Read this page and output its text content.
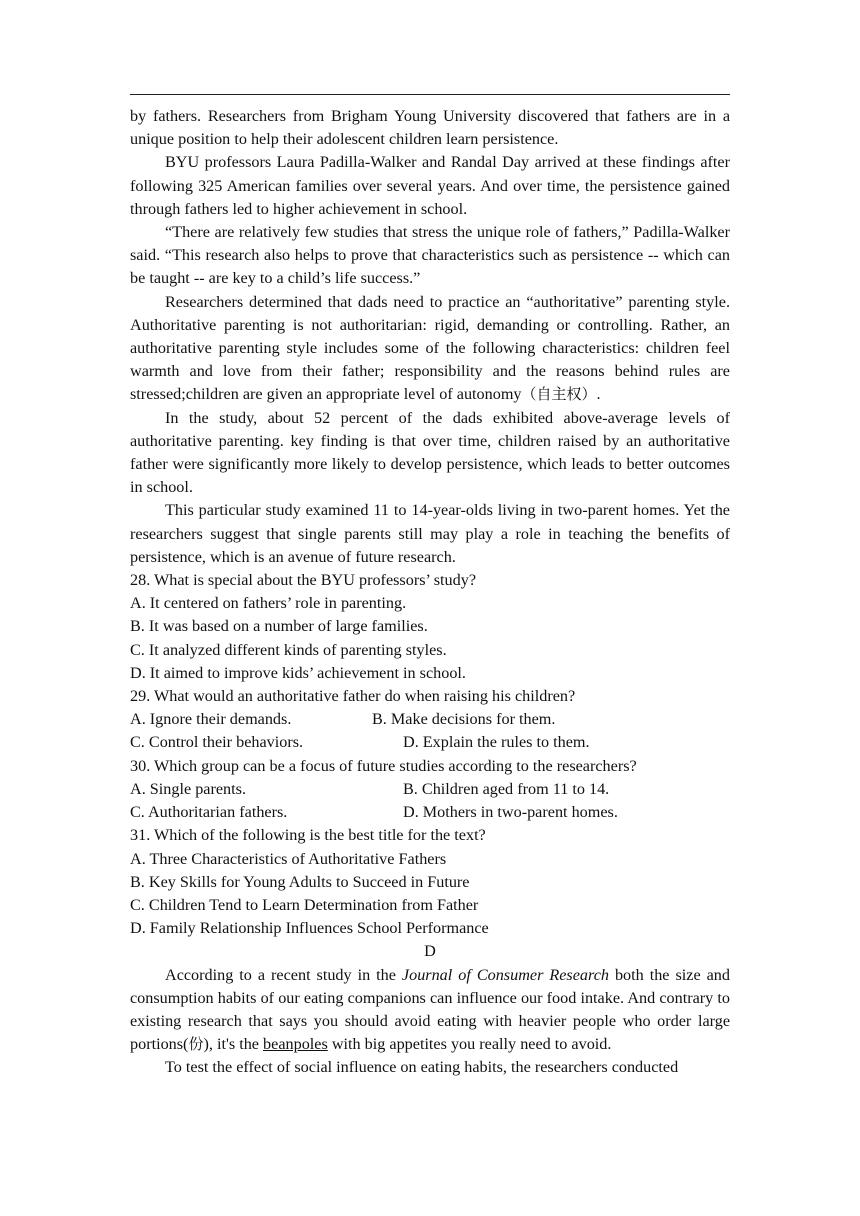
by fathers. Researchers from Brigham Young University discovered that fathers are in a unique position to help their adolescent children learn persistence.

BYU professors Laura Padilla-Walker and Randal Day arrived at these findings after following 325 American families over several years. And over time, the persistence gained through fathers led to higher achievement in school.

“There are relatively few studies that stress the unique role of fathers,” Padilla-Walker said. “This research also helps to prove that characteristics such as persistence -- which can be taught -- are key to a child’s life success.”

Researchers determined that dads need to practice an “authoritative” parenting style. Authoritative parenting is not authoritarian: rigid, demanding or controlling. Rather, an authoritative parenting style includes some of the following characteristics: children feel warmth and love from their father; responsibility and the reasons behind rules are stressed;children are given an appropriate level of autonomy（自主权）.

In the study, about 52 percent of the dads exhibited above-average levels of authoritative parenting. key finding is that over time, children raised by an authoritative father were significantly more likely to develop persistence, which leads to better outcomes in school.

This particular study examined 11 to 14-year-olds living in two-parent homes. Yet the researchers suggest that single parents still may play a role in teaching the benefits of persistence, which is an avenue of future research.

28. What is special about the BYU professors’ study?

A. It centered on fathers’ role in parenting.

B. It was based on a number of large families.

C. It analyzed different kinds of parenting styles.

D. It aimed to improve kids’ achievement in school.

29. What would an authoritative father do when raising his children?

A. Ignore their demands.	B. Make decisions for them.
C. Control their behaviors.	D. Explain the rules to them.

30. Which group can be a focus of future studies according to the researchers?

A. Single parents.	B. Children aged from 11 to 14.
C. Authoritarian fathers.	D. Mothers in two-parent homes.

31. Which of the following is the best title for the text?

A. Three Characteristics of Authoritative Fathers

B. Key Skills for Young Adults to Succeed in Future

C. Children Tend to Learn Determination from Father

D. Family Relationship Influences School Performance

D

According to a recent study in the Journal of Consumer Research both the size and consumption habits of our eating companions can influence our food intake. And contrary to existing research that says you should avoid eating with heavier people who order large portions(份), it's the beanpoles with big appetites you really need to avoid.

To test the effect of social influence on eating habits, the researchers conducted
